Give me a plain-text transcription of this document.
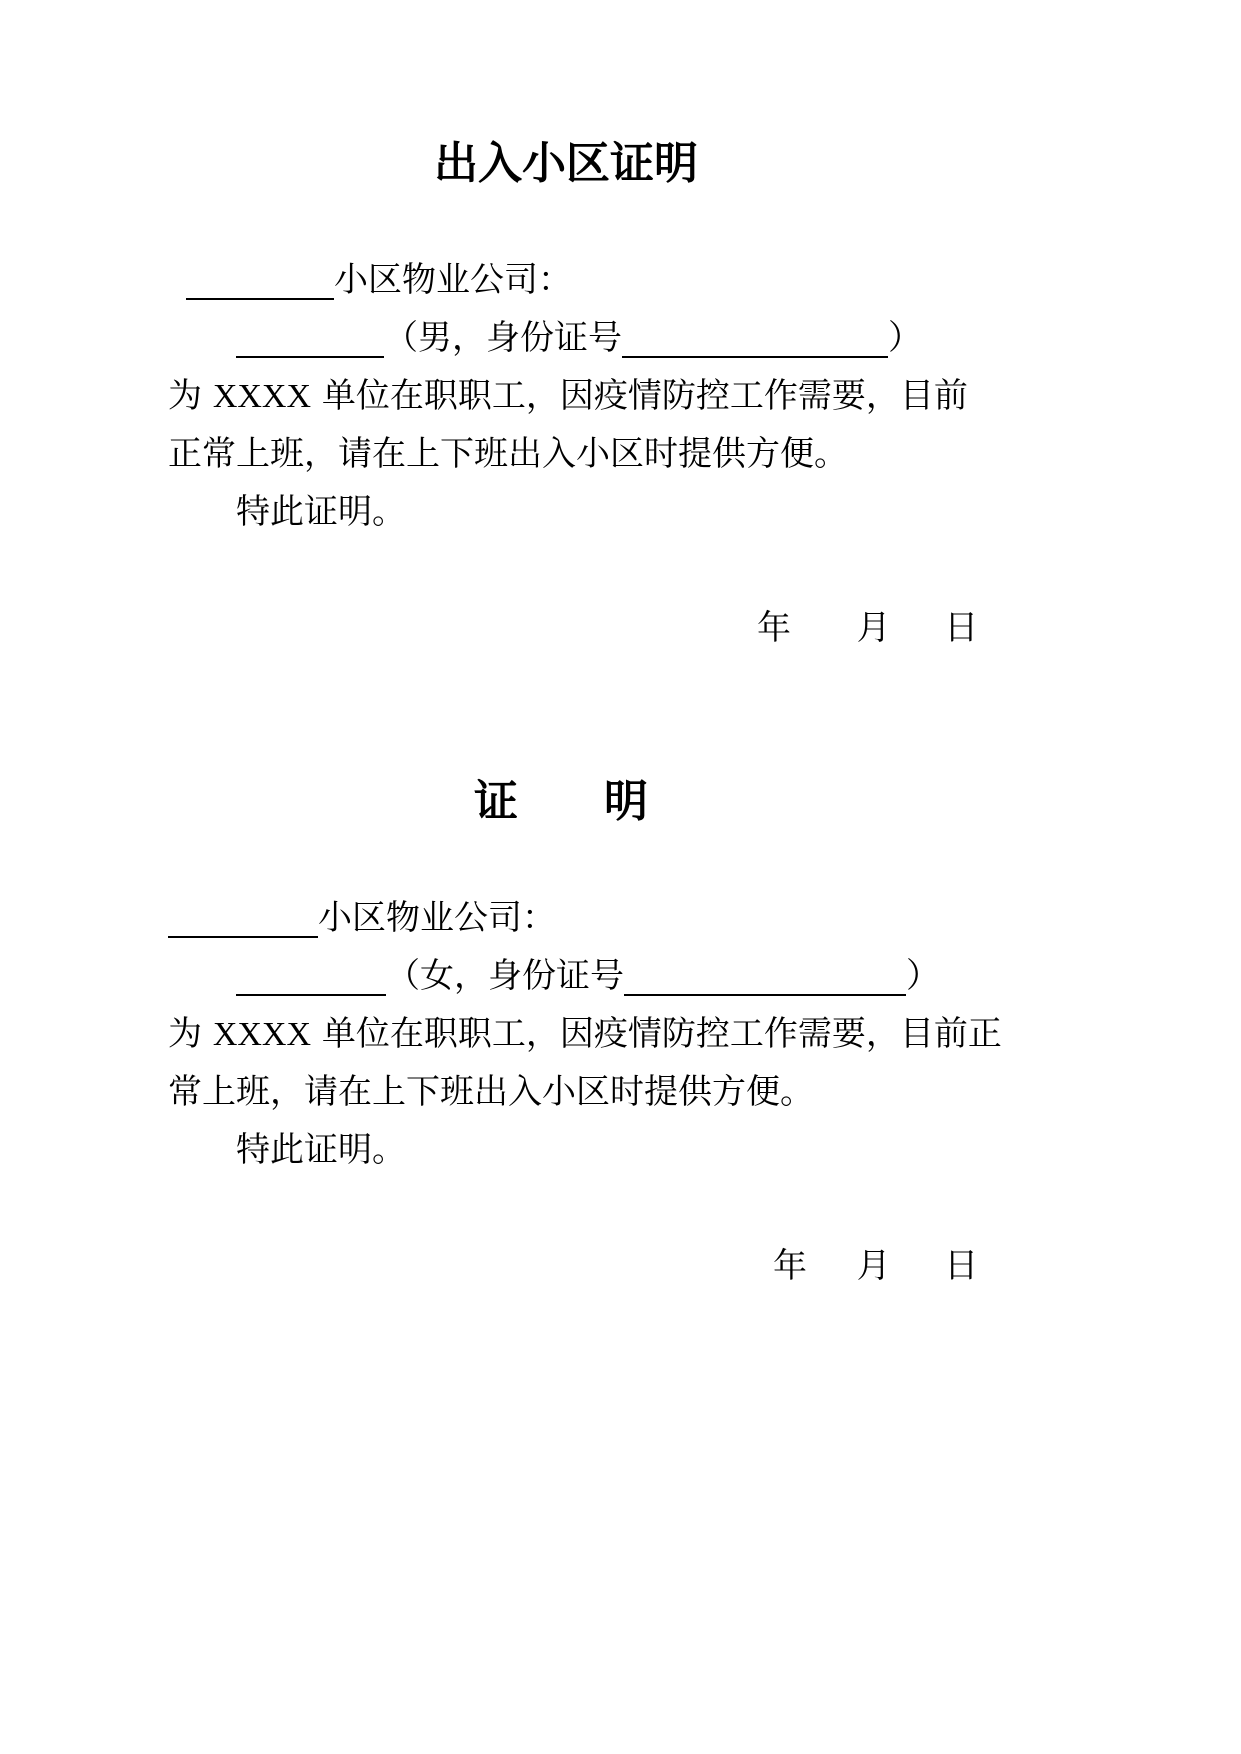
出入小区证明
小区物业公司：
（男，身份证号	）
为 XXXX 单位在职职工，因疫情防控工作需要，目前
正常上班，请在上下班出入小区时提供方便。
特此证明。
年 月 日
证 明
小区物业公司：
（女，身份证号	）
为 XXXX 单位在职职工，因疫情防控工作需要，目前正
常上班，请在上下班出入小区时提供方便。
特此证明。
年 月 日
